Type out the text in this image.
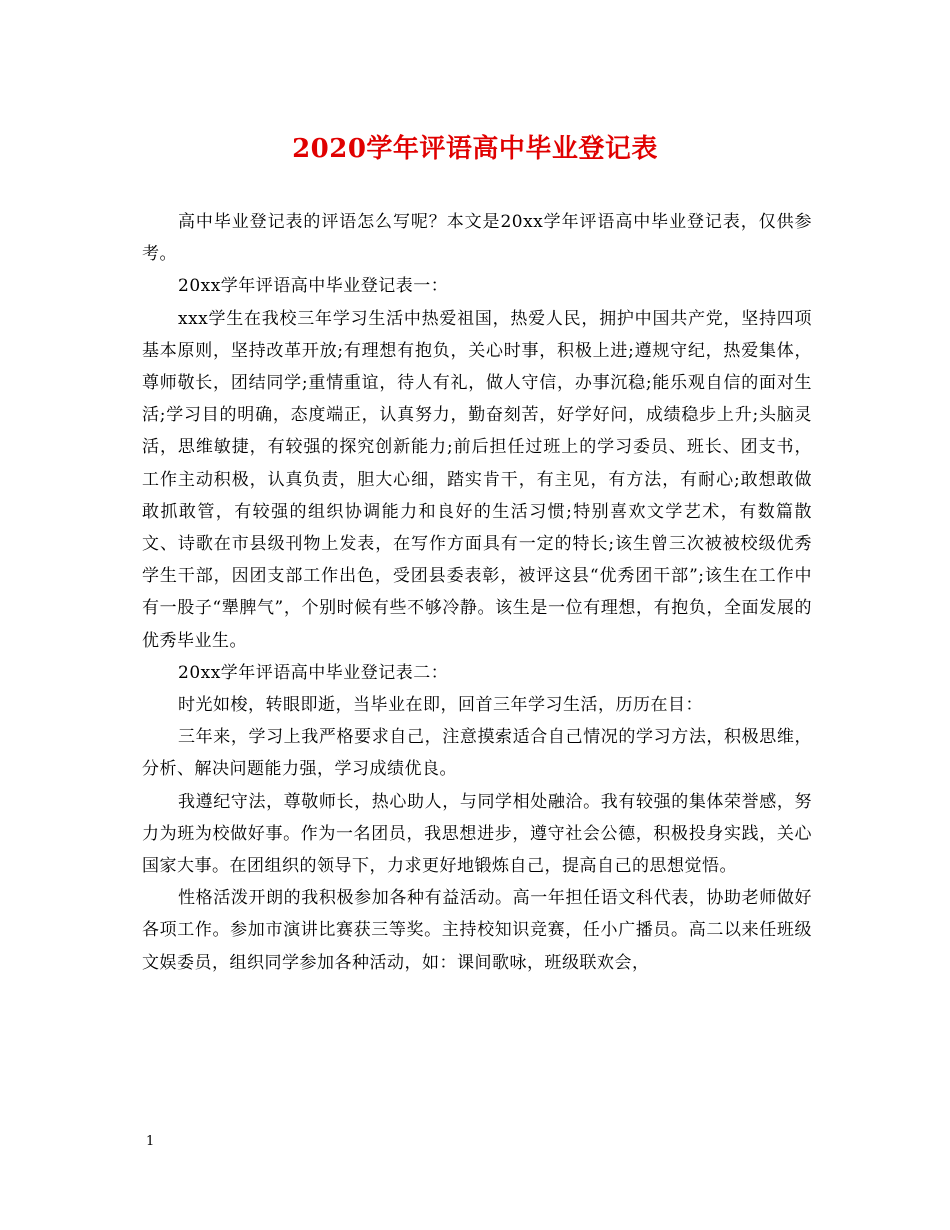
2020学年评语高中毕业登记表

高中毕业登记表的评语怎么写呢？本文是20xx学年评语高中毕业登记表，仅供参考。

20xx学年评语高中毕业登记表一：

xxx学生在我校三年学习生活中热爱祖国，热爱人民，拥护中国共产党，坚持四项基本原则，坚持改革开放;有理想有抱负，关心时事，积极上进;遵规守纪，热爱集体，尊师敬长，团结同学;重情重谊，待人有礼，做人守信，办事沉稳;能乐观自信的面对生活;学习目的明确，态度端正，认真努力，勤奋刻苦，好学好问，成绩稳步上升;头脑灵活，思维敏捷，有较强的探究创新能力;前后担任过班上的学习委员、班长、团支书，工作主动积极，认真负责，胆大心细，踏实肯干，有主见，有方法，有耐心;敢想敢做敢抓敢管，有较强的组织协调能力和良好的生活习惯;特别喜欢文学艺术，有数篇散文、诗歌在市县级刊物上发表，在写作方面具有一定的特长;该生曾三次被被校级优秀学生干部，因团支部工作出色，受团县委表彰，被评这县“优秀团干部”;该生在工作中有一股子“犟脾气”，个别时候有些不够冷静。该生是一位有理想，有抱负，全面发展的优秀毕业生。

20xx学年评语高中毕业登记表二：

时光如梭，转眼即逝，当毕业在即，回首三年学习生活，历历在目：

三年来，学习上我严格要求自己，注意摸索适合自己情况的学习方法，积极思维，分析、解决问题能力强，学习成绩优良。

我遵纪守法，尊敬师长，热心助人，与同学相处融洽。我有较强的集体荣誉感，努 力为班为校做好事。作为一名团员，我思想进步，遵守社会公德，积极投身实践，关心国家大事。在团组织的领导下，力求更好地锻炼自己，提高自己的思想觉悟。

性格活泼开朗的我积极参加各种有益活动。高一年担任语文科代表，协助老师做好各项工作。参加市演讲比赛获三等奖。主持校知识竞赛，任小广播员。高二以来任班级文娱委员，组织同学参加各种活动，如：课间歌咏，班级联欢会，

1
